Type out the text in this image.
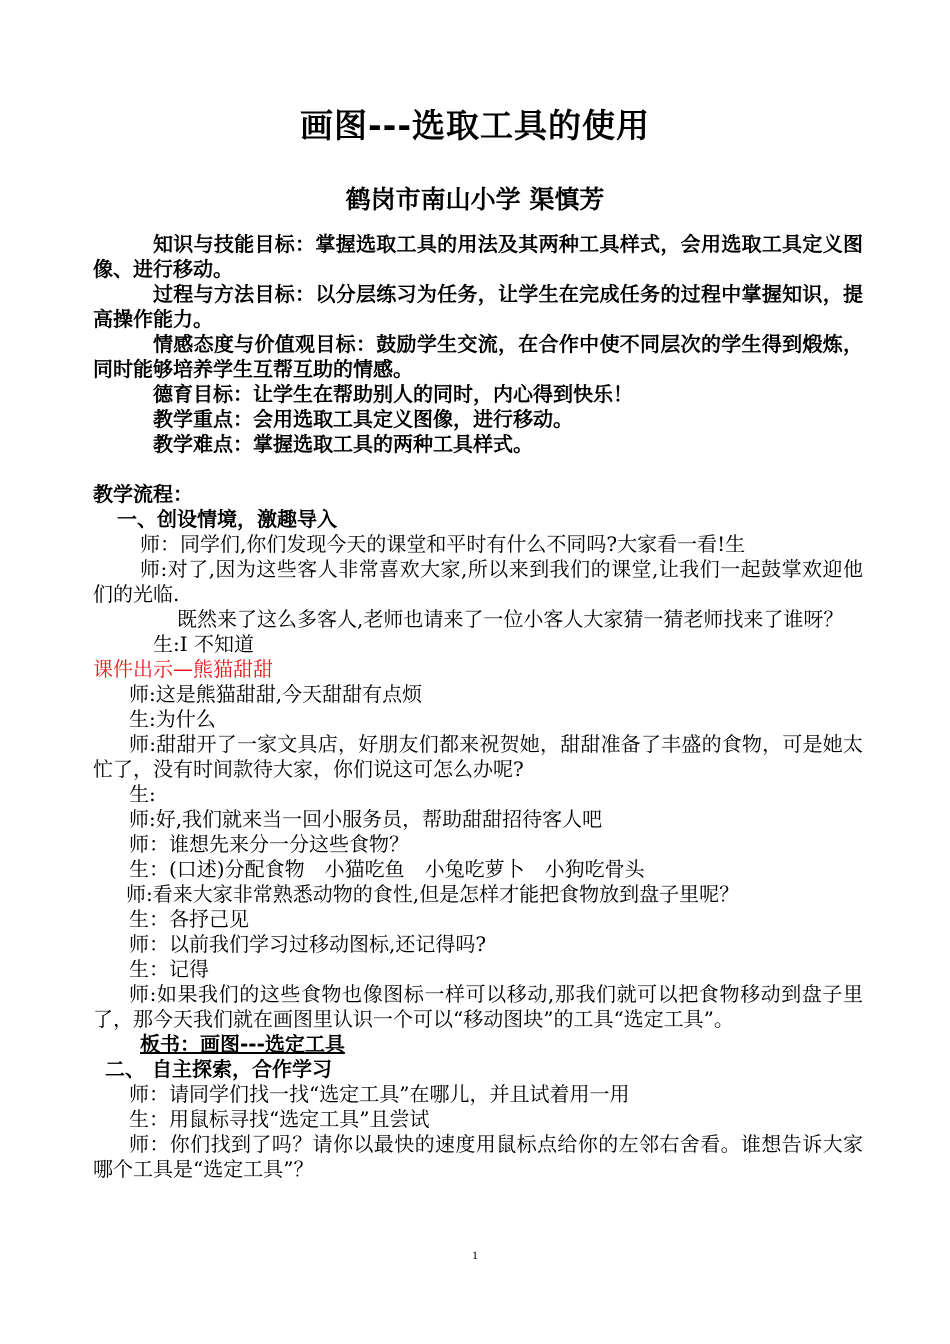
画图---选取工具的使用
鹤岗市南山小学 渠慎芳

知识与技能目标：掌握选取工具的用法及其两种工具样式，会用选取工具定义图像、进行移动。

过程与方法目标：以分层练习为任务，让学生在完成任务的过程中掌握知识，提高操作能力。

情感态度与价值观目标：鼓励学生交流，在合作中使不同层次的学生得到煅炼，同时能够培养学生互帮互助的情感。

德育目标：让学生在帮助别人的同时，内心得到快乐！

教学重点：会用选取工具定义图像，进行移动。

教学难点：掌握选取工具的两种工具样式。

教学流程：

一、创设情境，激趣导入

师：同学们,你们发现今天的课堂和平时有什么不同吗?大家看一看!生

师:对了,因为这些客人非常喜欢大家,所以来到我们的课堂,让我们一起鼓掌欢迎他们的光临.

既然来了这么多客人,老师也请来了一位小客人大家猜一猜老师找来了谁呀？

生:I 不知道

课件出示—熊猫甜甜

师:这是熊猫甜甜,今天甜甜有点烦

生:为什么

师:甜甜开了一家文具店，好朋友们都来祝贺她，甜甜准备了丰盛的食物，可是她太忙了，没有时间款待大家，你们说这可怎么办呢?

生:

师:好,我们就来当一回小服务员，帮助甜甜招待客人吧

师：谁想先来分一分这些食物？

生：(口述)分配食物　小猫吃鱼　小兔吃萝卜　小狗吃骨头

师:看来大家非常熟悉动物的食性,但是怎样才能把食物放到盘子里呢？

生：各抒己见

师：以前我们学习过移动图标,还记得吗?

生：记得

师:如果我们的这些食物也像图标一样可以移动,那我们就可以把食物移动到盘子里了，那今天我们就在画图里认识一个可以“移动图块”的工具“选定工具”。

板书：画图---选定工具

二、 自主探索，合作学习

师：请同学们找一找“选定工具”在哪儿，并且试着用一用

生：用鼠标寻找“选定工具”且尝试

师：你们找到了吗？请你以最快的速度用鼠标点给你的左邻右舍看。谁想告诉大家哪个工具是“选定工具”？

1
